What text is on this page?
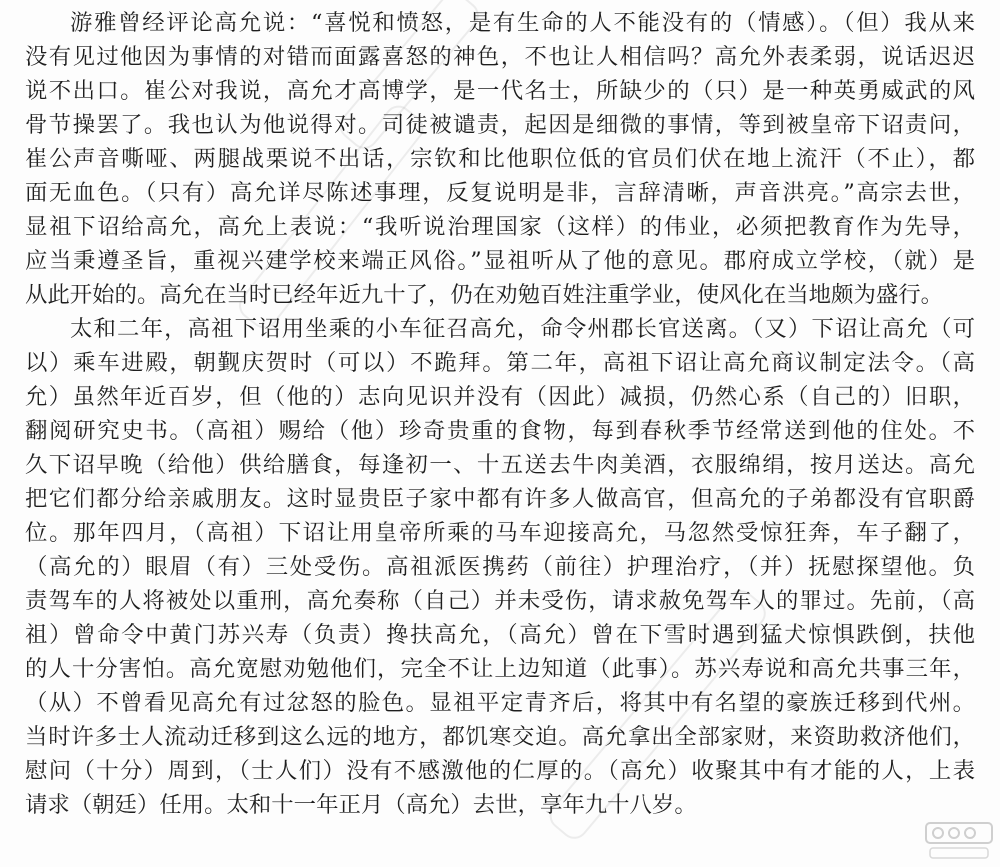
游雅曾经评论高允说：“喜悦和愤怒，是有生命的人不能没有的（情感）。（但）我从来
没有见过他因为事情的对错而面露喜怒的神色，不也让人相信吗？高允外表柔弱，说话迟迟
说不出口。崔公对我说，高允才高博学，是一代名士，所缺少的（只）是一种英勇威武的风
骨节操罢了。我也认为他说得对。司徒被谴责，起因是细微的事情，等到被皇帝下诏责问，
崔公声音嘶哑、两腿战栗说不出话，宗钦和比他职位低的官员们伏在地上流汗（不止），都
面无血色。（只有）高允详尽陈述事理，反复说明是非，言辞清晰，声音洪亮。”高宗去世，
显祖下诏给高允，高允上表说：“我听说治理国家（这样）的伟业，必须把教育作为先导，
应当秉遵圣旨，重视兴建学校来端正风俗。”显祖听从了他的意见。郡府成立学校，（就）是
从此开始的。高允在当时已经年近九十了，仍在劝勉百姓注重学业，使风化在当地颇为盛行。
太和二年，高祖下诏用坐乘的小车征召高允，命令州郡长官送离。（又）下诏让高允（可
以）乘车进殿，朝觐庆贺时（可以）不跪拜。第二年，高祖下诏让高允商议制定法令。（高
允）虽然年近百岁，但（他的）志向见识并没有（因此）减损，仍然心系（自己的）旧职，
翻阅研究史书。（高祖）赐给（他）珍奇贵重的食物，每到春秋季节经常送到他的住处。不
久下诏早晚（给他）供给膳食，每逢初一、十五送去牛肉美酒，衣服绵绢，按月送达。高允
把它们都分给亲戚朋友。这时显贵臣子家中都有许多人做高官，但高允的子弟都没有官职爵
位。那年四月，（高祖）下诏让用皇帝所乘的马车迎接高允，马忽然受惊狂奔，车子翻了，
（高允的）眼眉（有）三处受伤。高祖派医携药（前往）护理治疗，（并）抚慰探望他。负
责驾车的人将被处以重刑，高允奏称（自己）并未受伤，请求赦免驾车人的罪过。先前，（高
祖）曾命令中黄门苏兴寿（负责）搀扶高允，（高允）曾在下雪时遇到猛犬惊惧跌倒，扶他
的人十分害怕。高允宽慰劝勉他们，完全不让上边知道（此事）。苏兴寿说和高允共事三年，
（从）不曾看见高允有过忿怒的脸色。显祖平定青齐后，将其中有名望的豪族迁移到代州。
当时许多士人流动迁移到这么远的地方，都饥寒交迫。高允拿出全部家财，来资助救济他们，
慰问（十分）周到，（士人们）没有不感激他的仁厚的。（高允）收聚其中有才能的人，上表
请求（朝廷）任用。太和十一年正月（高允）去世，享年九十八岁。
